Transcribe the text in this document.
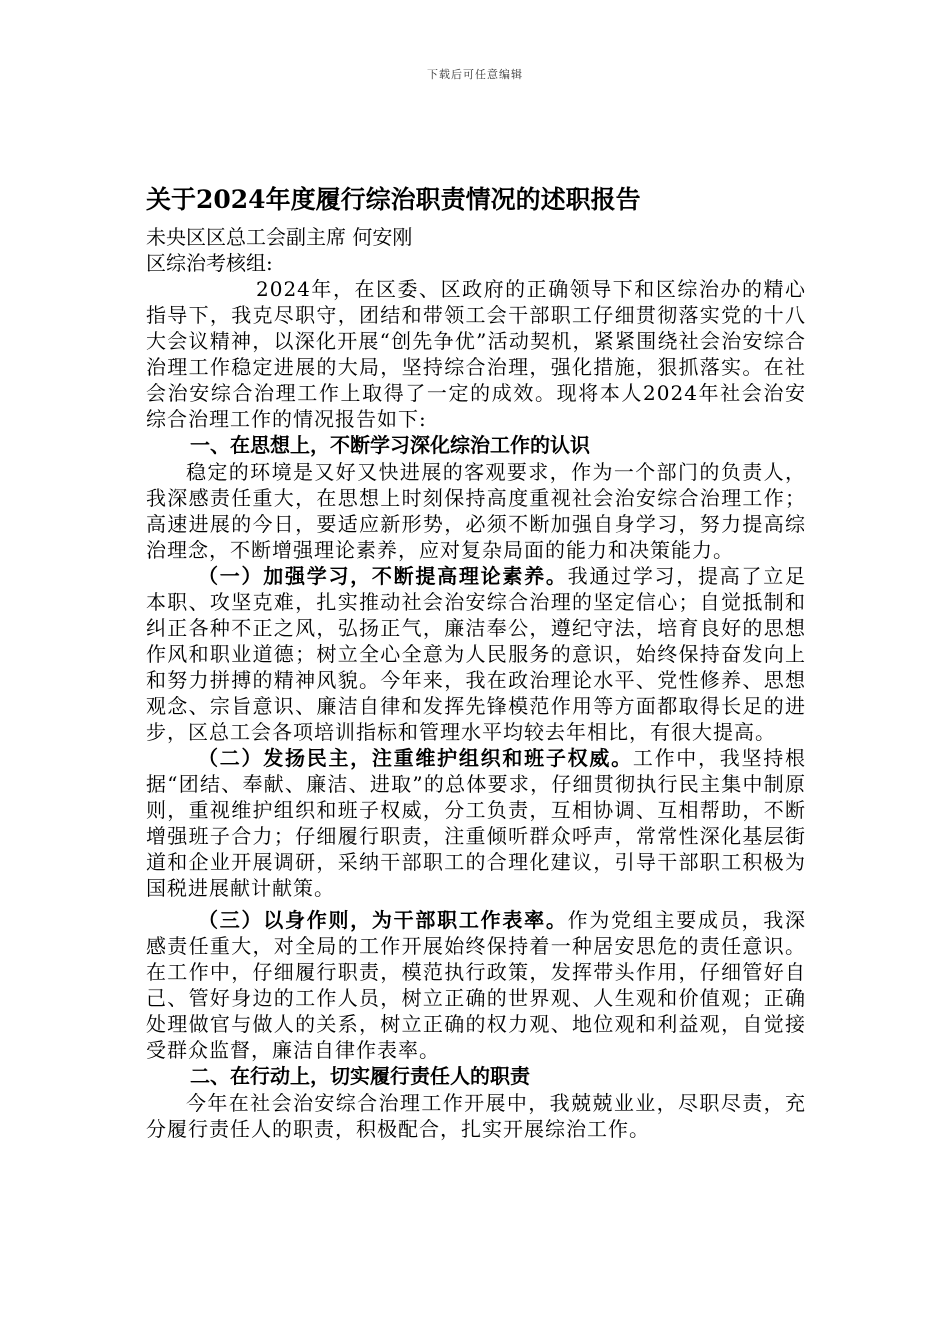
下载后可任意编辑
关于2024年度履行综治职责情况的述职报告
未央区区总工会副主席 何安刚
区综治考核组:

2024年，在区委、区政府的正确领导下和区综治办的精心指导下，我克尽职守，团结和带领工会干部职工仔细贯彻落实党的十八大会议精神，以深化开展“创先争优”活动契机，紧紧围绕社会治安综合治理工作稳定进展的大局，坚持综合治理，强化措施，狠抓落实。在社会治安综合治理工作上取得了一定的成效。现将本人2024年社会治安综合治理工作的情况报告如下:

一、在思想上，不断学习深化综治工作的认识

稳定的环境是又好又快进展的客观要求，作为一个部门的负责人，我深感责任重大，在思想上时刻保持高度重视社会治安综合治理工作；高速进展的今日，要适应新形势，必须不断加强自身学习，努力提高综治理念，不断增强理论素养，应对复杂局面的能力和决策能力。

（一）加强学习，不断提高理论素养。我通过学习，提高了立足本职、攻坚克难，扎实推动社会治安综合治理的坚定信心；自觉抵制和纠正各种不正之风，弘扬正气，廉洁奉公，遵纪守法，培育良好的思想作风和职业道德；树立全心全意为人民服务的意识，始终保持奋发向上和努力拼搏的精神风貌。今年来，我在政治理论水平、党性修养、思想观念、宗旨意识、廉洁自律和发挥先锋模范作用等方面都取得长足的进步，区总工会各项培训指标和管理水平均较去年相比，有很大提高。

（二）发扬民主，注重维护组织和班子权威。工作中，我坚持根据“团结、奉献、廉洁、进取”的总体要求，仔细贯彻执行民主集中制原则，重视维护组织和班子权威，分工负责，互相协调、互相帮助，不断增强班子合力；仔细履行职责，注重倾听群众呼声，常常性深化基层街道和企业开展调研，采纳干部职工的合理化建议，引导干部职工积极为国税进展献计献策。

（三）以身作则，为干部职工作表率。作为党组主要成员，我深感责任重大，对全局的工作开展始终保持着一种居安思危的责任意识。在工作中，仔细履行职责，模范执行政策，发挥带头作用，仔细管好自己、管好身边的工作人员，树立正确的世界观、人生观和价值观；正确处理做官与做人的关系，树立正确的权力观、地位观和利益观，自觉接受群众监督，廉洁自律作表率。

二、在行动上，切实履行责任人的职责

今年在社会治安综合治理工作开展中，我兢兢业业，尽职尽责，充分履行责任人的职责，积极配合，扎实开展综治工作。
